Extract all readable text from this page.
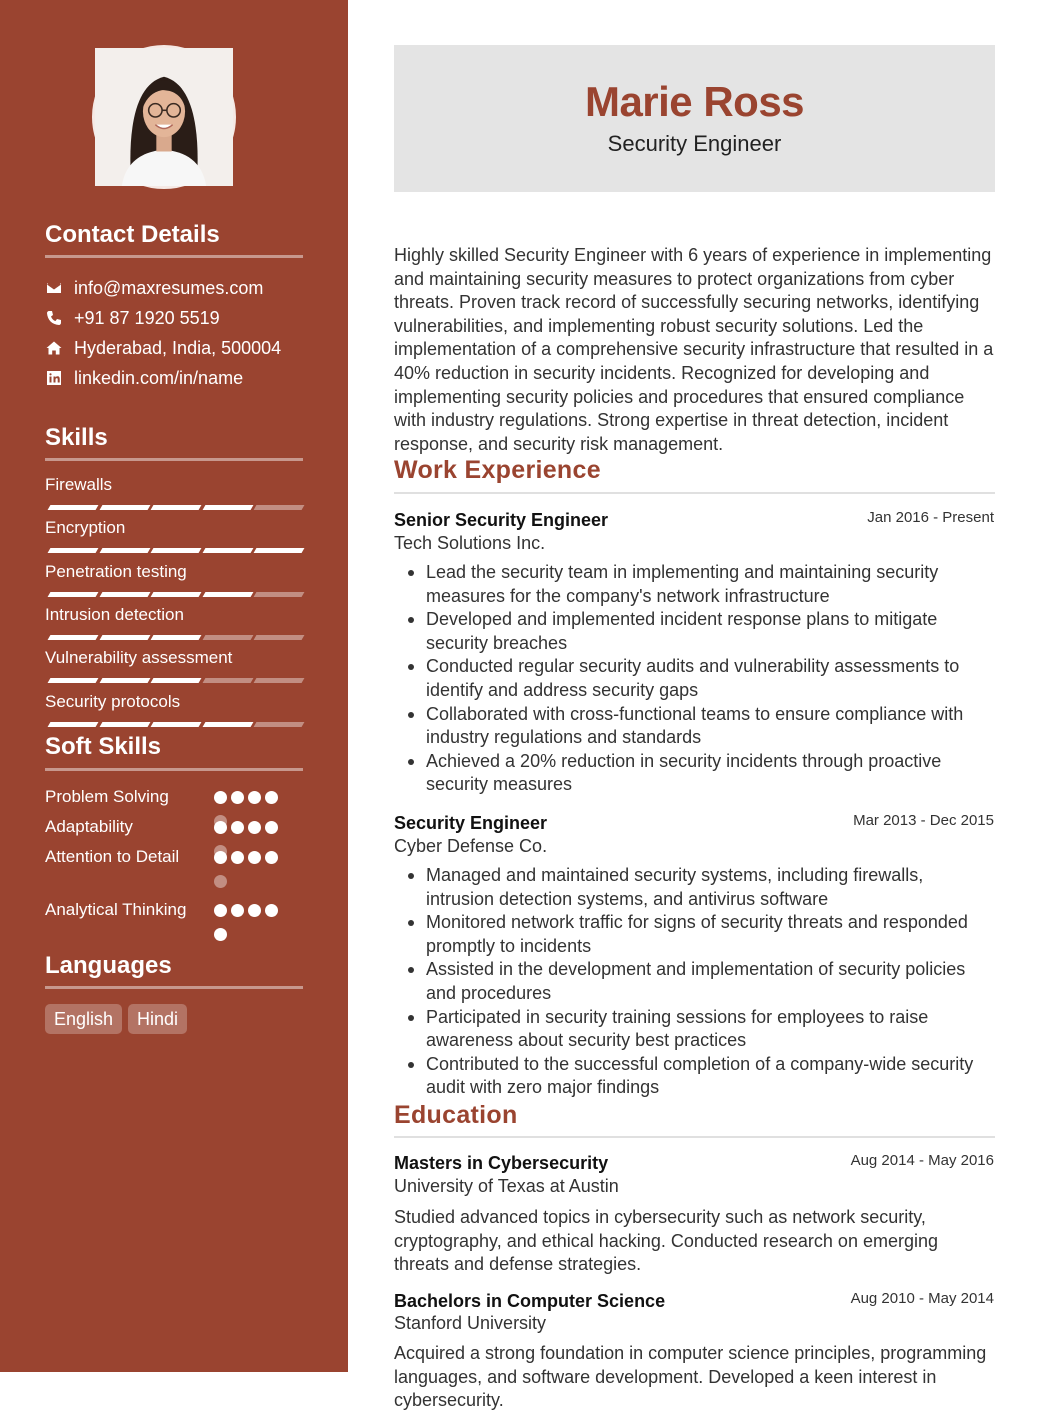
Contact Details
info@maxresumes.com
+91 87 1920 5519
Hyderabad, India, 500004
linkedin.com/in/name
Skills
Firewalls
Encryption
Penetration testing
Intrusion detection
Vulnerability assessment
Security protocols
Soft Skills
Problem Solving
Adaptability
Attention to Detail
Analytical Thinking
Languages
English	Hindi
Marie Ross
Security Engineer

Highly skilled Security Engineer with 6 years of experience in implementing and maintaining security measures to protect organizations from cyber threats. Proven track record of successfully securing networks, identifying vulnerabilities, and implementing robust security solutions. Led the implementation of a comprehensive security infrastructure that resulted in a 40% reduction in security incidents. Recognized for developing and implementing security policies and procedures that ensured compliance with industry regulations. Strong expertise in threat detection, incident response, and security risk management.

Work Experience
Senior Security Engineer	Jan 2016 - Present
Tech Solutions Inc.
Lead the security team in implementing and maintaining security measures for the company's network infrastructure
Developed and implemented incident response plans to mitigate security breaches
Conducted regular security audits and vulnerability assessments to identify and address security gaps
Collaborated with cross-functional teams to ensure compliance with industry regulations and standards
Achieved a 20% reduction in security incidents through proactive security measures
Security Engineer	Mar 2013 - Dec 2015
Cyber Defense Co.
Managed and maintained security systems, including firewalls, intrusion detection systems, and antivirus software
Monitored network traffic for signs of security threats and responded promptly to incidents
Assisted in the development and implementation of security policies and procedures
Participated in security training sessions for employees to raise awareness about security best practices
Contributed to the successful completion of a company-wide security audit with zero major findings
Education
Masters in Cybersecurity	Aug 2014 - May 2016
University of Texas at Austin

Studied advanced topics in cybersecurity such as network security, cryptography, and ethical hacking. Conducted research on emerging threats and defense strategies.

Bachelors in Computer Science	Aug 2010 - May 2014
Stanford University

Acquired a strong foundation in computer science principles, programming languages, and software development. Developed a keen interest in cybersecurity.
